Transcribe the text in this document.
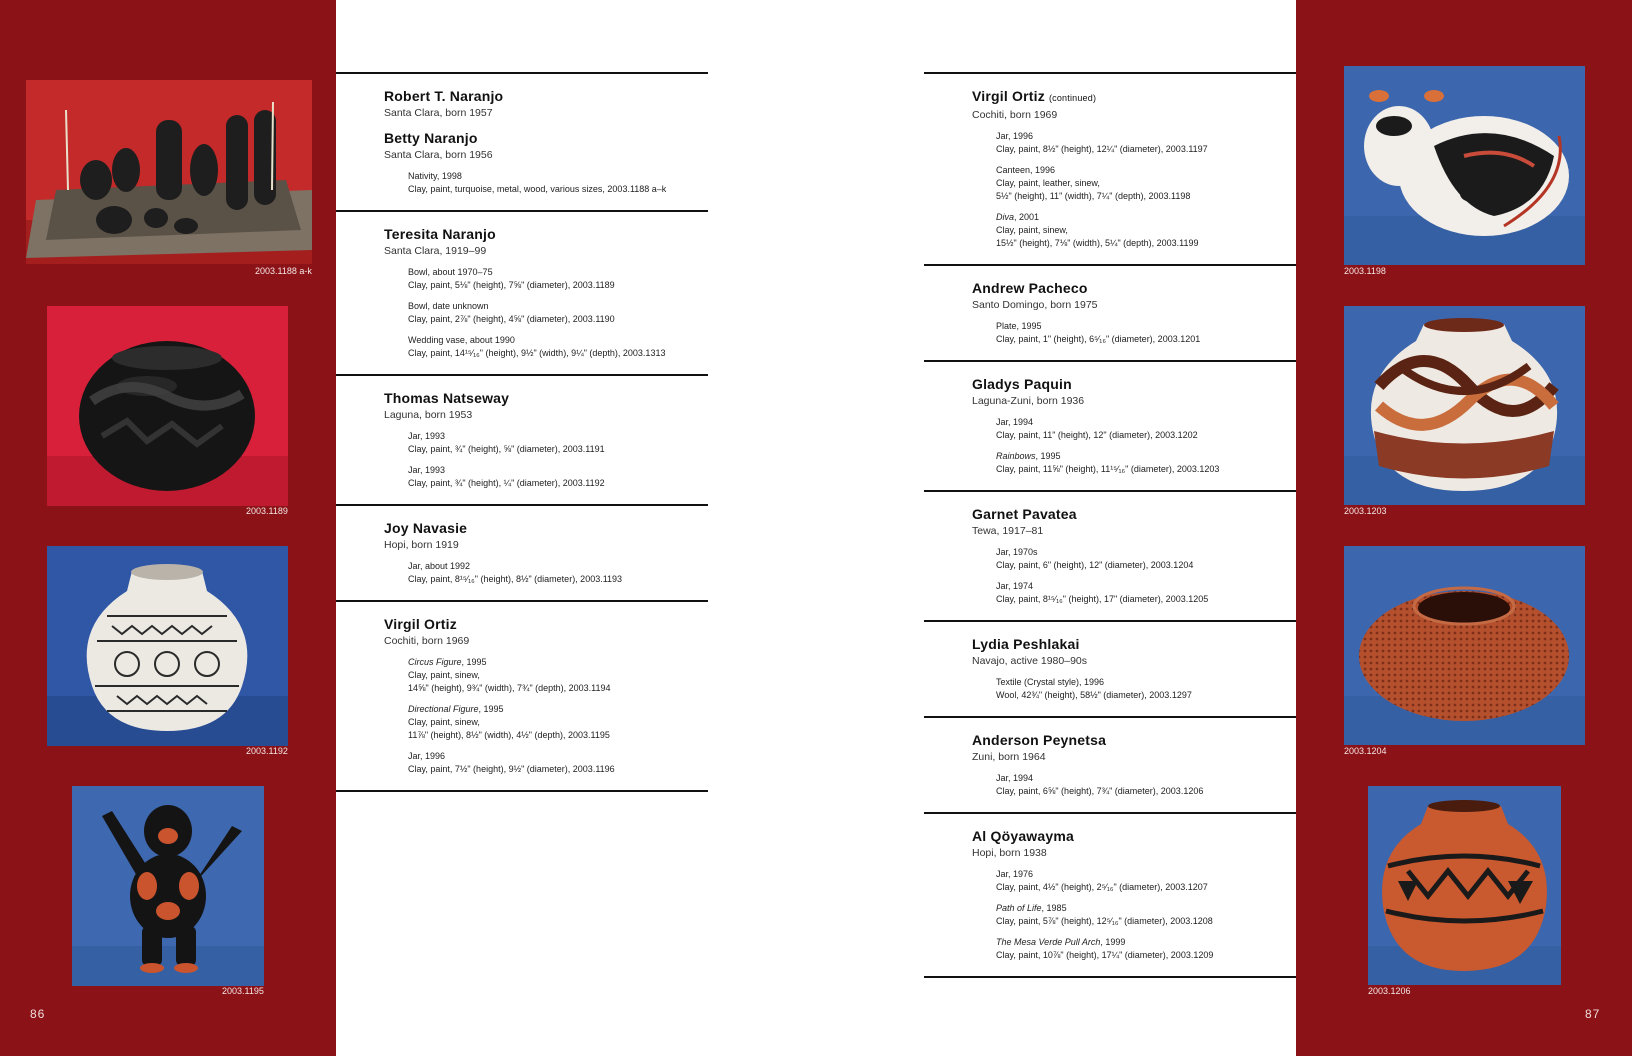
2003.1188 a-k
2003.1189
2003.1192
2003.1195
86
2003.1198
2003.1203
2003.1204
2003.1206
87
Robert T. Naranjo
Santa Clara, born 1957
Betty Naranjo
Santa Clara, born 1956
Nativity, 1998
Clay, paint, turquoise, metal, wood, various sizes, 2003.1188 a–k
Teresita Naranjo
Santa Clara, 1919–99
Bowl, about 1970–75
Clay, paint, 5⅛" (height), 7⅝" (diameter), 2003.1189
Bowl, date unknown
Clay, paint, 2⅞" (height), 4⅝" (diameter), 2003.1190
Wedding vase, about 1990
Clay, paint, 14¹⁵⁄₁₆" (height), 9½" (width), 9¼" (depth), 2003.1313
Thomas Natseway
Laguna, born 1953
Jar, 1993
Clay, paint, ¾" (height), ⅝" (diameter), 2003.1191
Jar, 1993
Clay, paint, ¾" (height), ¼" (diameter), 2003.1192
Joy Navasie
Hopi, born 1919
Jar, about 1992
Clay, paint, 8¹⁵⁄₁₆" (height), 8½" (diameter), 2003.1193
Virgil Ortiz
Cochiti, born 1969
Circus Figure, 1995
Clay, paint, sinew,
14⅝" (height), 9¾" (width), 7¾" (depth), 2003.1194
Directional Figure, 1995
Clay, paint, sinew,
11⅞" (height), 8½" (width), 4½" (depth), 2003.1195
Jar, 1996
Clay, paint, 7½" (height), 9½" (diameter), 2003.1196
Virgil Ortiz (continued)
Cochiti, born 1969
Jar, 1996
Clay, paint, 8½" (height), 12¼" (diameter), 2003.1197
Canteen, 1996
Clay, paint, leather, sinew,
5½" (height), 11" (width), 7¼" (depth), 2003.1198
Diva, 2001
Clay, paint, sinew,
15½" (height), 7⅛" (width), 5¼" (depth), 2003.1199
Andrew Pacheco
Santo Domingo, born 1975
Plate, 1995
Clay, paint, 1" (height), 6⁵⁄₁₆" (diameter), 2003.1201
Gladys Paquin
Laguna-Zuni, born 1936
Jar, 1994
Clay, paint, 11" (height), 12" (diameter), 2003.1202
Rainbows, 1995
Clay, paint, 11⅝" (height), 11¹⁵⁄₁₆" (diameter), 2003.1203
Garnet Pavatea
Tewa, 1917–81
Jar, 1970s
Clay, paint, 6" (height), 12" (diameter), 2003.1204
Jar, 1974
Clay, paint, 8¹⁵⁄₁₆" (height), 17" (diameter), 2003.1205
Lydia Peshlakai
Navajo, active 1980–90s
Textile (Crystal style), 1996
Wool, 42¾" (height), 58½" (diameter), 2003.1297
Anderson Peynetsa
Zuni, born 1964
Jar, 1994
Clay, paint, 6⅝" (height), 7¾" (diameter), 2003.1206
Al Qöyawayma
Hopi, born 1938
Jar, 1976
Clay, paint, 4½" (height), 2⁵⁄₁₆" (diameter), 2003.1207
Path of Life, 1985
Clay, paint, 5⅞" (height), 12⁵⁄₁₆" (diameter), 2003.1208
The Mesa Verde Pull Arch, 1999
Clay, paint, 10⅞" (height), 17¼" (diameter), 2003.1209
